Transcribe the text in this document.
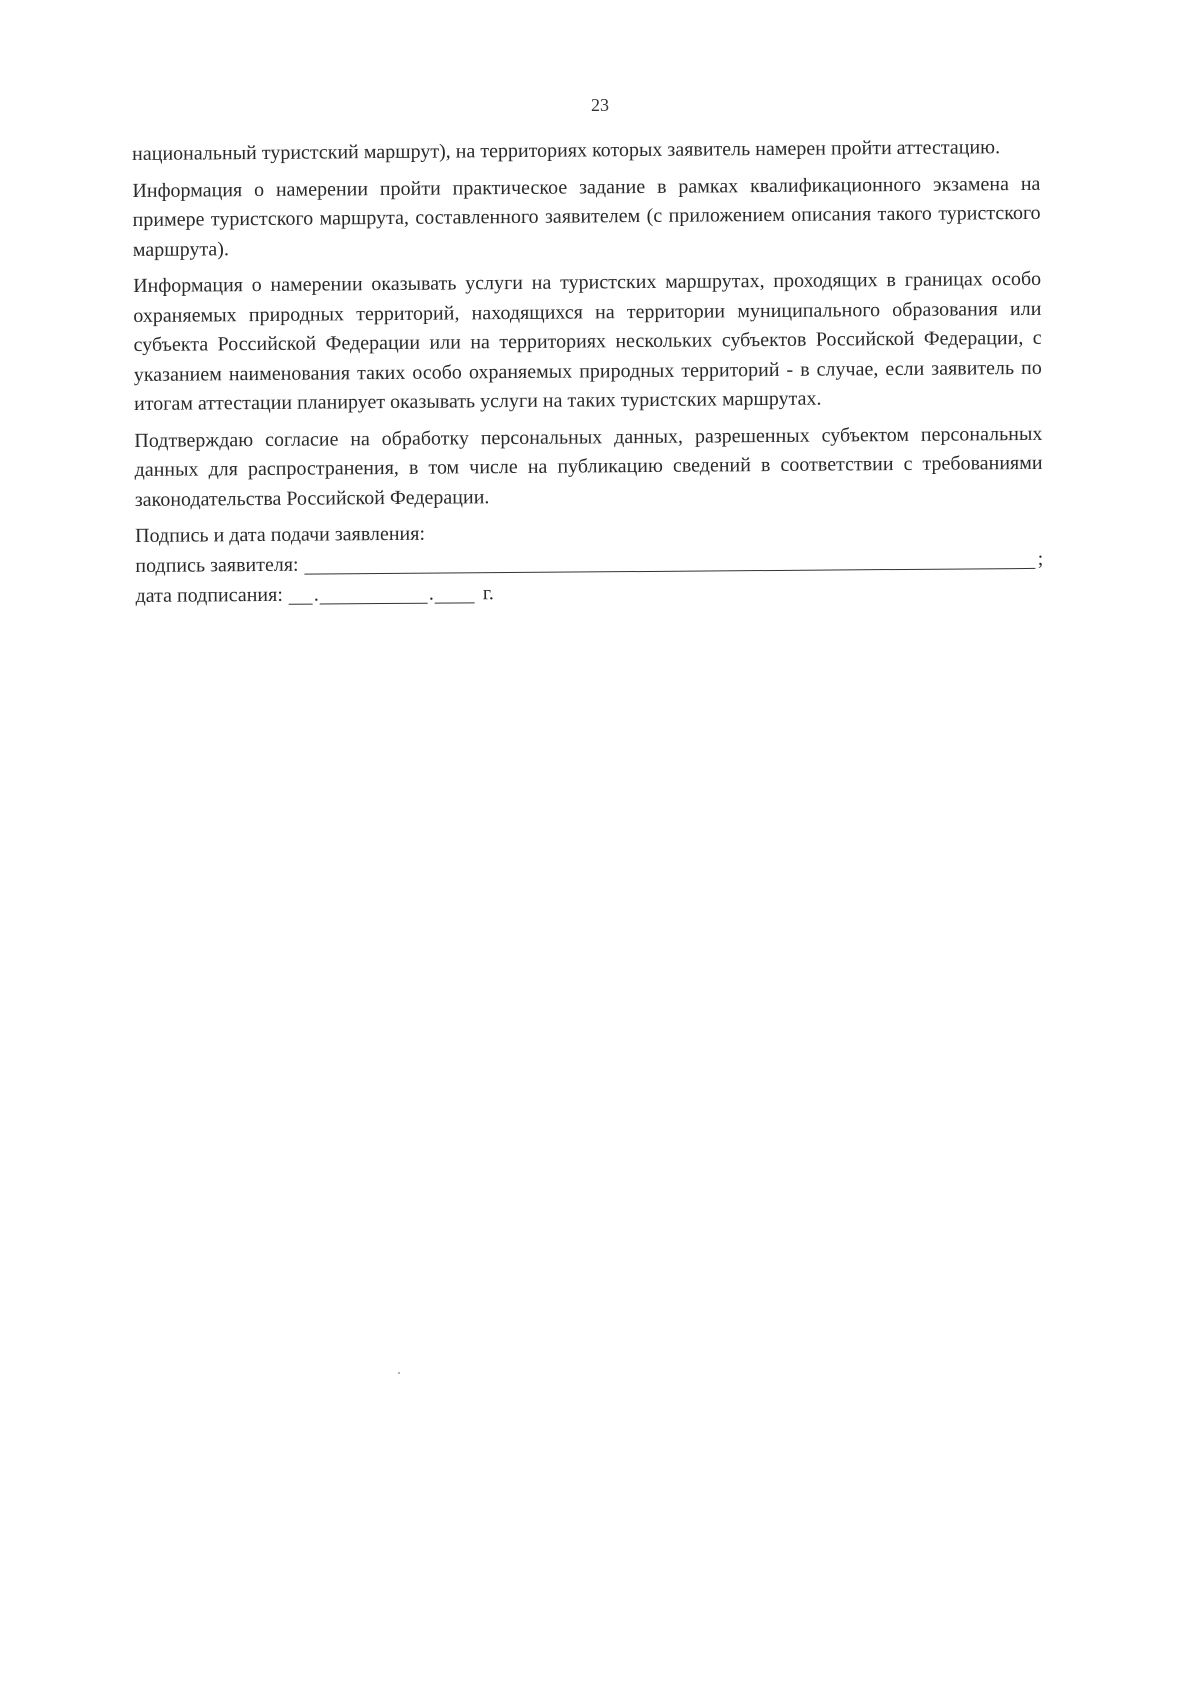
23

национальный туристский маршрут), на территориях которых заявитель намерен пройти аттестацию.

Информация о намерении пройти практическое задание в рамках квалификационного экзамена на примере туристского маршрута, составленного заявителем (с приложением описания такого туристского маршрута).

Информация о намерении оказывать услуги на туристских маршрутах, проходящих в границах особо охраняемых природных территорий, находящихся на территории муниципального образования или субъекта Российской Федерации или на территориях нескольких субъектов Российской Федерации, с указанием наименования таких особо охраняемых природных территорий - в случае, если заявитель по итогам аттестации планирует оказывать услуги на таких туристских маршрутах.

Подтверждаю согласие на обработку персональных данных, разрешенных субъектом персональных данных для распространения, в том числе на публикацию сведений в соответствии с требованиями законодательства Российской Федерации.

Подпись и дата подачи заявления:

подпись заявителя:	;
дата подписания: .	.	г.
